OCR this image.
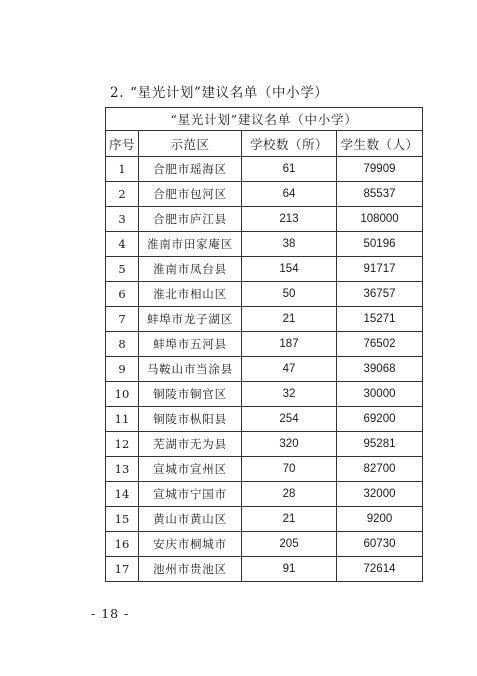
2. “星光计划”建议名单（中小学）
“星光计划”建议名单（中小学）			
序号	示范区	学校数（所）	学生数（人）
1	合肥市瑶海区	61	79909
2	合肥市包河区	64	85537
3	合肥市庐江县	213	108000
4	淮南市田家庵区	38	50196
5	淮南市凤台县	154	91717
6	淮北市相山区	50	36757
7	蚌埠市龙子湖区	21	15271
8	蚌埠市五河县	187	76502
9	马鞍山市当涂县	47	39068
10	铜陵市铜官区	32	30000
11	铜陵市枞阳县	254	69200
12	芜湖市无为县	320	95281
13	宣城市宣州区	70	82700
14	宣城市宁国市	28	32000
15	黄山市黄山区	21	9200
16	安庆市桐城市	205	60730
17	池州市贵池区	91	72614
- 18 -
